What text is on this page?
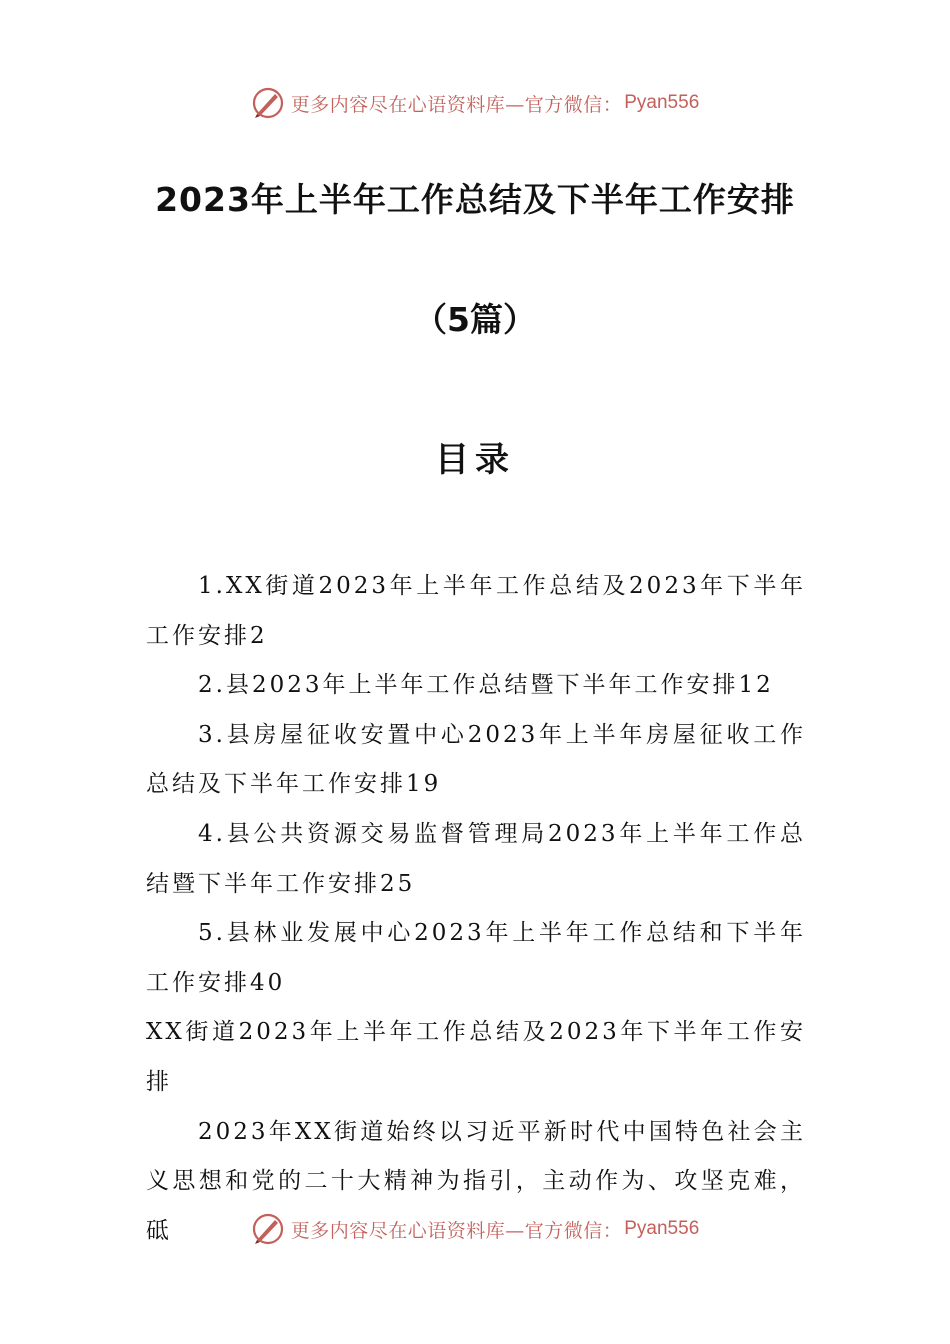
更多内容尽在心语资料库—官方微信： Pyan556
2023年上半年工作总结及下半年工作安排
（5篇）
目录

1.XX街道2023年上半年工作总结及2023年下半年工作安排2

2.县2023年上半年工作总结暨下半年工作安排12

3.县房屋征收安置中心2023年上半年房屋征收工作总结及下半年工作安排19

4.县公共资源交易监督管理局2023年上半年工作总结暨下半年工作安排25

5.县林业发展中心2023年上半年工作总结和下半年工作安排40

XX街道2023年上半年工作总结及2023年下半年工作安排

2023年XX街道始终以习近平新时代中国特色社会主义思想和党的二十大精神为指引，主动作为、攻坚克难，砥	更多内容尽在心语资料库—官方微信： Pyan556
